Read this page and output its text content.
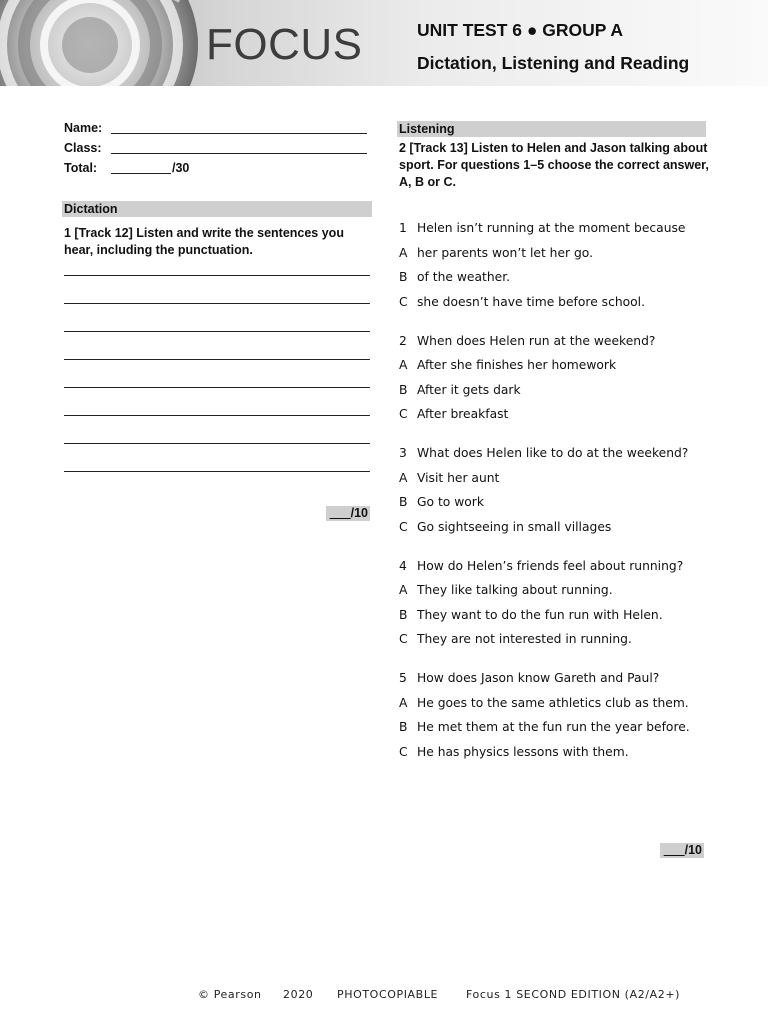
FOCUS	UNIT TEST 6 ● GROUP A
Dictation, Listening and Reading
Name:
Class:
Total:	/30
Dictation
1 [Track 12] Listen and write the sentences you
hear, including the punctuation.
___/10
Listening
2 [Track 13] Listen to Helen and Jason talking about
sport. For questions 1–5 choose the correct answer,
A, B or C.
1 Helen isn’t running at the moment because
A her parents won’t let her go.
B of the weather.
C she doesn’t have time before school.
2 When does Helen run at the weekend?
A After she finishes her homework
B After it gets dark
C After breakfast
3 What does Helen like to do at the weekend?
A Visit her aunt
B Go to work
C Go sightseeing in small villages
4 How do Helen’s friends feel about running?
A They like talking about running.
B They want to do the fun run with Helen.
C They are not interested in running.
5 How does Jason know Gareth and Paul?
A He goes to the same athletics club as them.
B He met them at the fun run the year before.
C He has physics lessons with them.
___/10
© Pearson 2020 PHOTOCOPIABLE	Focus 1 SECOND EDITION (A2/A2+)
